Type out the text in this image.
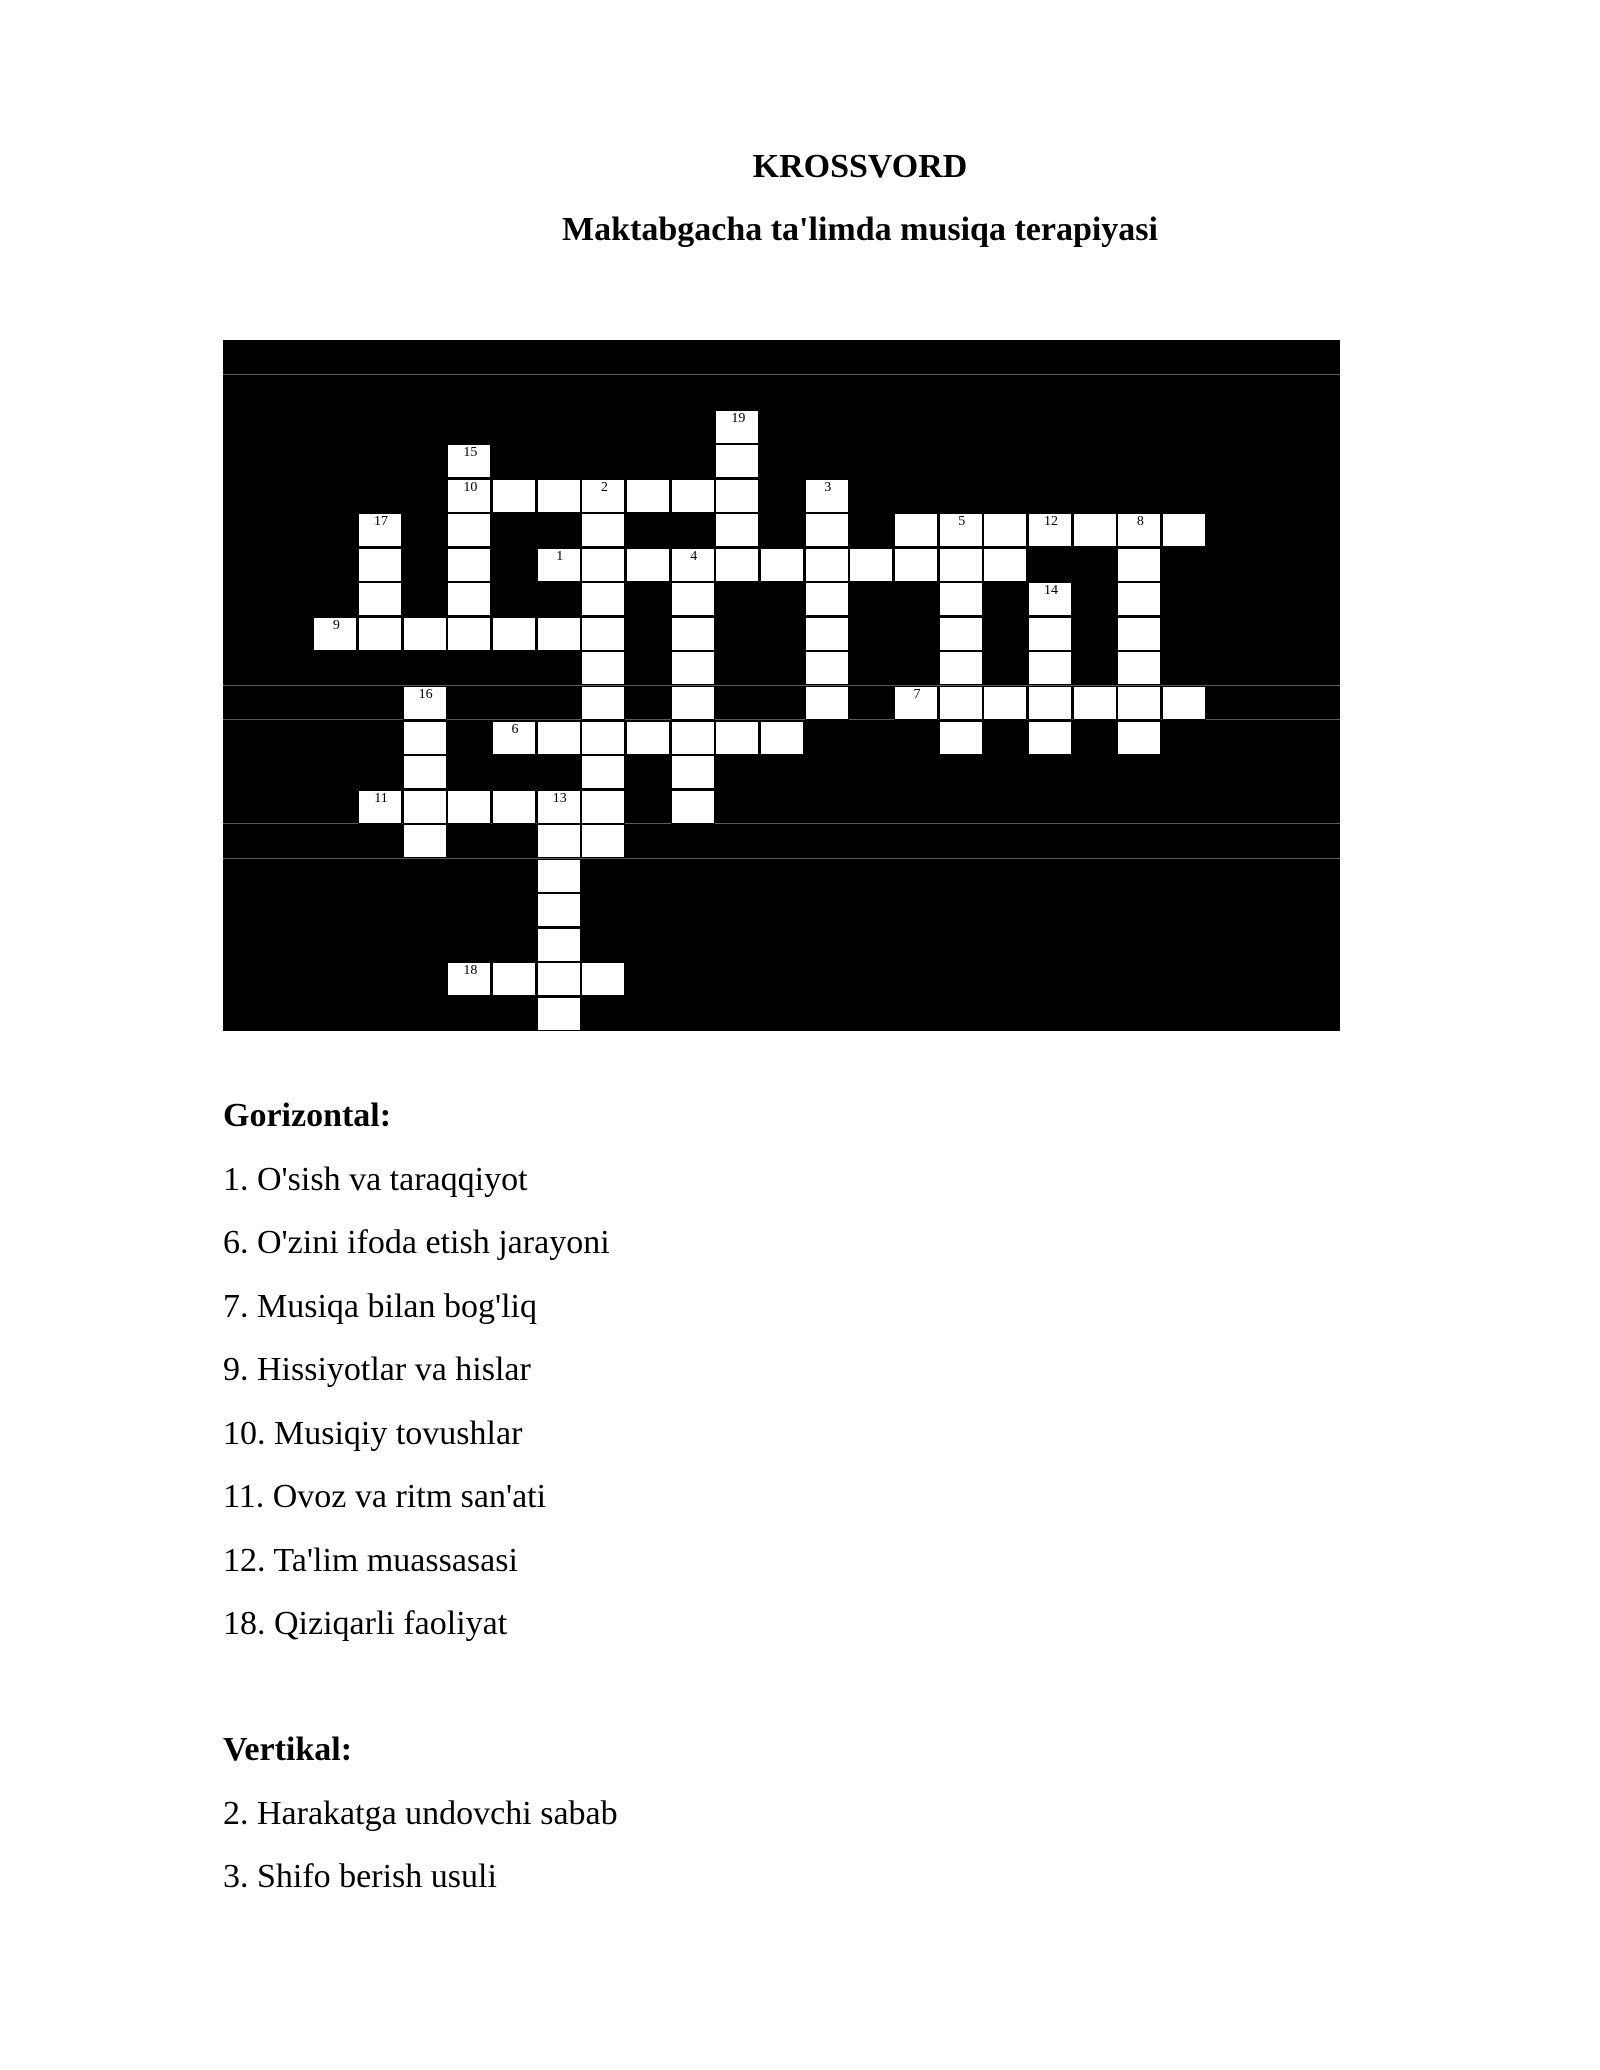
KROSSVORD
Maktabgacha ta'limda musiqa terapiyasi
10	2
1	4
5	12	8
7
6
11	13
18
19
15
3
17
14
16
9
Gorizontal:

1. O'sish va taraqqiyot

6. O'zini ifoda etish jarayoni

7. Musiqa bilan bog'liq

9. Hissiyotlar va hislar

10. Musiqiy tovushlar

11. Ovoz va ritm san'ati

12. Ta'lim muassasasi

18. Qiziqarli faoliyat

Vertikal:

2. Harakatga undovchi sabab

3. Shifo berish usuli
